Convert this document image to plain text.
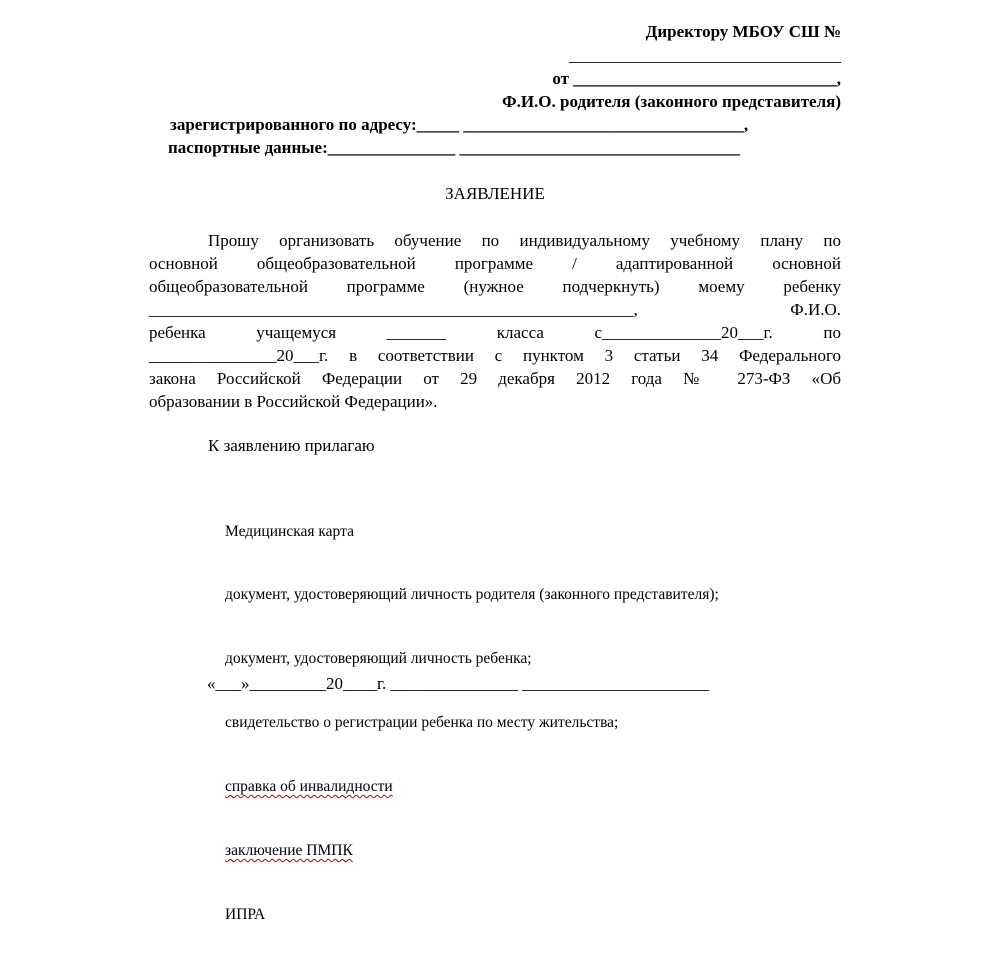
Директору МБОУ СШ №
________________________________
от _______________________________,
Ф.И.О. родителя (законного представителя)
зарегистрированного по адресу:_____ _________________________________,
паспортные данные:_______________ _________________________________
ЗАЯВЛЕНИЕ
Прошу организовать обучение по индивидуальному учебному плану по
основной общеобразовательной программе / адаптированной основной
общеобразовательной программе (нужное подчеркнуть) моему ребенку
_________________________________________________________, Ф.И.О.
ребенка учащемуся _______ класса с______________20___г. по
_______________20___г. в соответствии с пунктом 3 статьи 34 Федерального
закона Российской Федерации от 29 декабря 2012 года № 273-ФЗ «Об
образовании в Российской Федерации».
К заявлению прилагаю

Медицинская карта

документ, удостоверяющий личность родителя (законного представителя);

документ, удостоверяющий личность ребенка;

свидетельство о регистрации ребенка по месту жительства;

справка об инвалидности

заключение ПМПК

ИПРА

«___»_________20____г. _______________ ______________________
